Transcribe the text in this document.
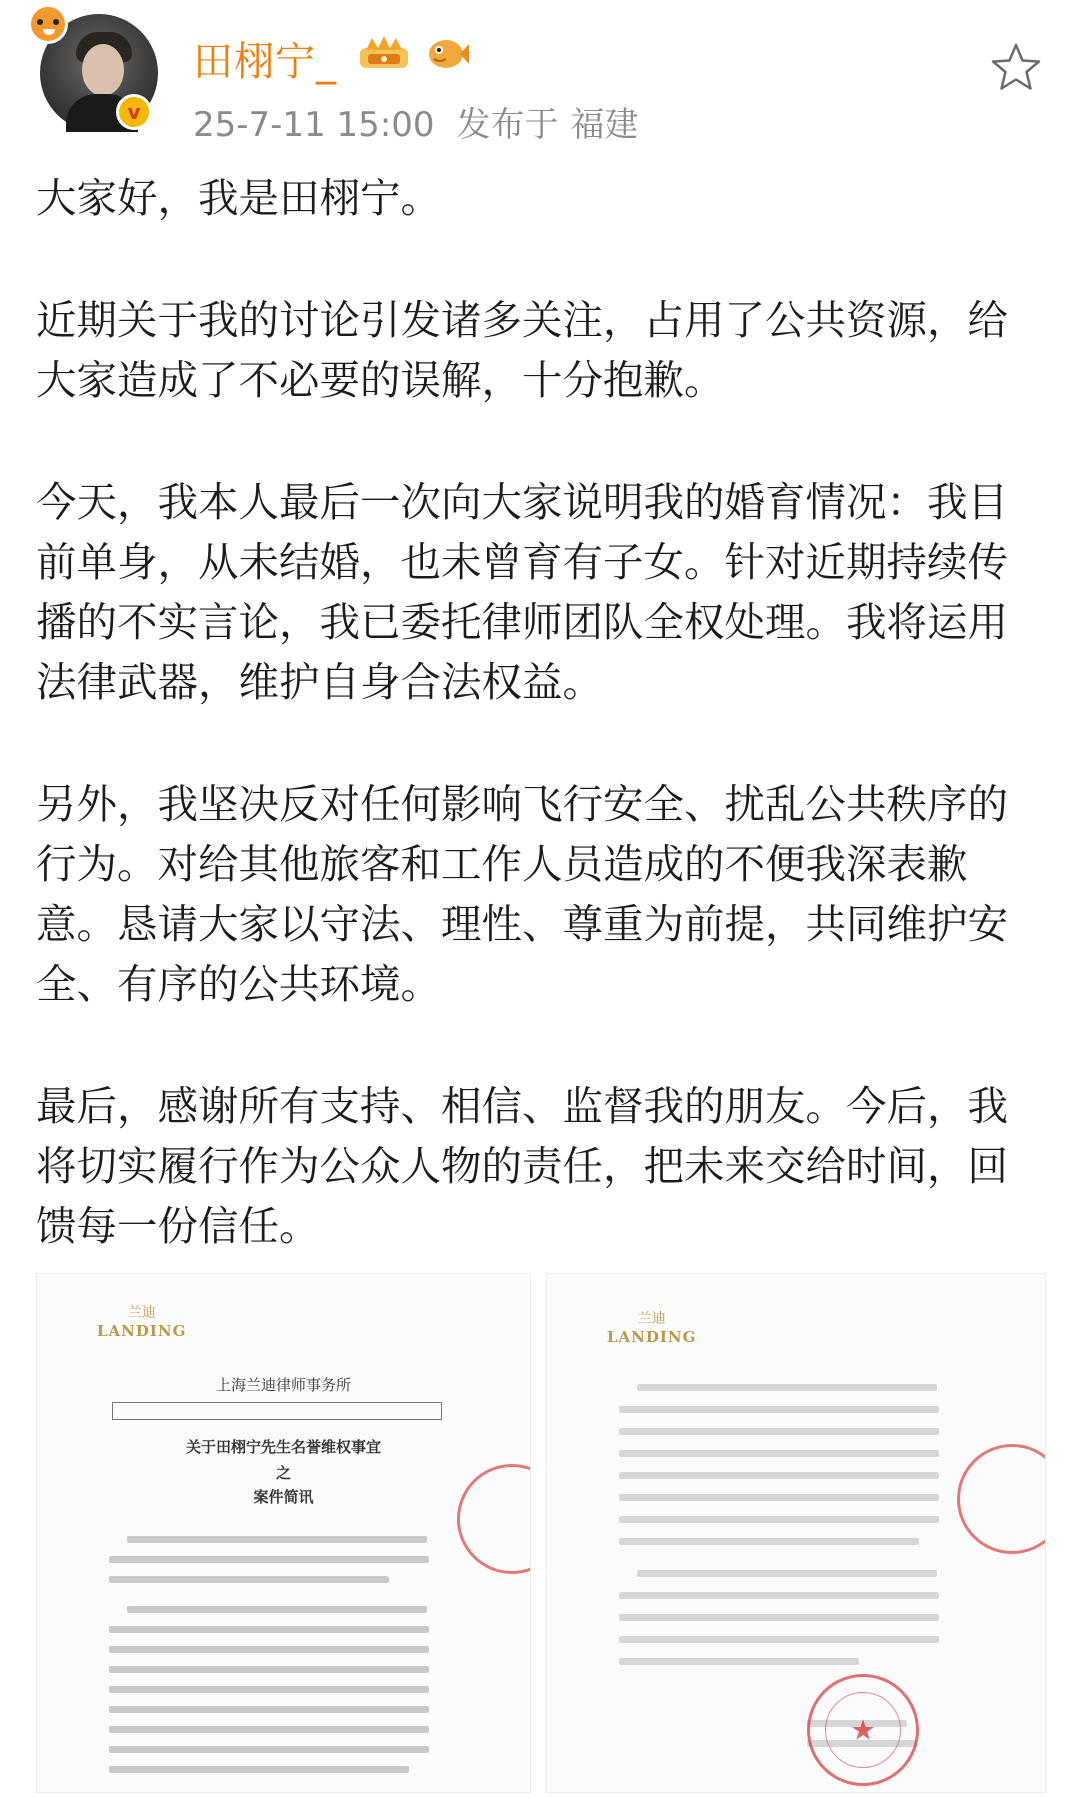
v
田栩宁_
25-7-11 15:00 发布于 福建

大家好，我是田栩宁。

近期关于我的讨论引发诸多关注，占用了公共资源，给大家造成了不必要的误解，十分抱歉。

今天，我本人最后一次向大家说明我的婚育情况：我目前单身，从未结婚，也未曾育有子女。针对近期持续传播的不实言论，我已委托律师团队全权处理。我将运用法律武器，维护自身合法权益。

另外，我坚决反对任何影响飞行安全、扰乱公共秩序的行为。对给其他旅客和工作人员造成的不便我深表歉意。恳请大家以守法、理性、尊重为前提，共同维护安全、有序的公共环境。

最后，感谢所有支持、相信、监督我的朋友。今后，我将切实履行作为公众人物的责任，把未来交给时间，回馈每一份信任。

兰迪
LANDING
上海兰迪律师事务所
关于田栩宁先生名誉维权事宜
之
案件简讯
兰迪
LANDING
★
